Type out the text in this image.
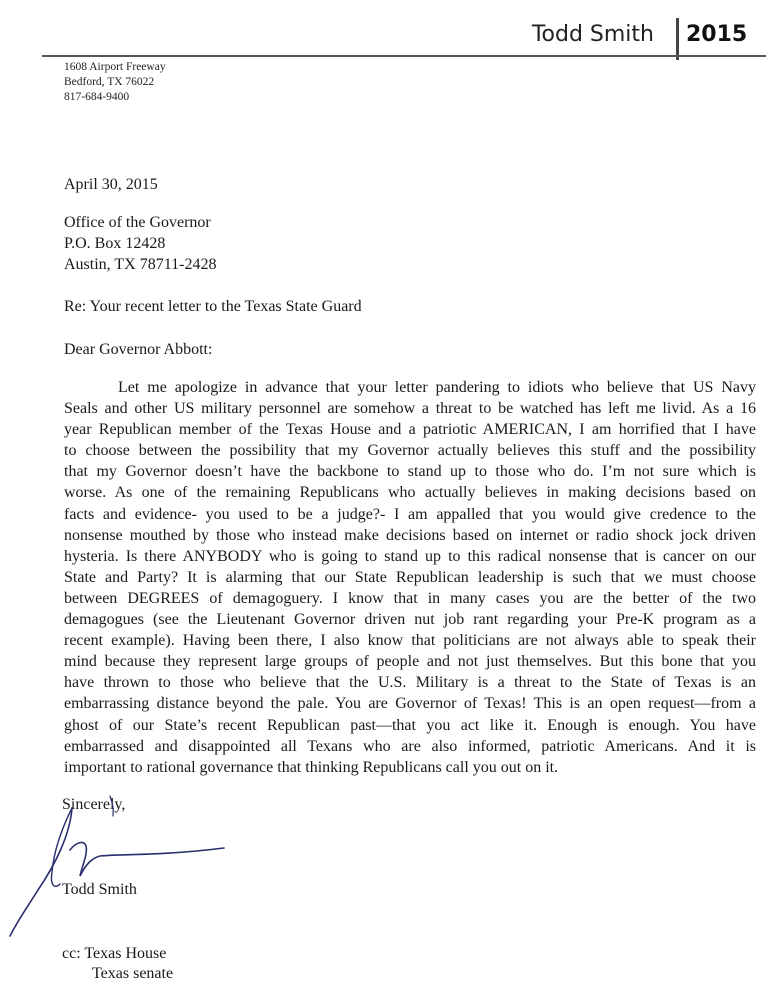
Todd Smith 2015
1608 Airport Freeway
Bedford, TX 76022
817-684-9400
April 30, 2015
Office of the Governor
P.O. Box 12428
Austin, TX 78711-2428
Re: Your recent letter to the Texas State Guard
Dear Governor Abbott:
Let me apologize in advance that your letter pandering to idiots who believe that US Navy
Seals and other US military personnel are somehow a threat to be watched has left me livid. As a 16
year Republican member of the Texas House and a patriotic AMERICAN, I am horrified that I have
to choose between the possibility that my Governor actually believes this stuff and the possibility
that my Governor doesn’t have the backbone to stand up to those who do. I’m not sure which is
worse. As one of the remaining Republicans who actually believes in making decisions based on
facts and evidence- you used to be a judge?- I am appalled that you would give credence to the
nonsense mouthed by those who instead make decisions based on internet or radio shock jock driven
hysteria. Is there ANYBODY who is going to stand up to this radical nonsense that is cancer on our
State and Party? It is alarming that our State Republican leadership is such that we must choose
between DEGREES of demagoguery. I know that in many cases you are the better of the two
demagogues (see the Lieutenant Governor driven nut job rant regarding your Pre-K program as a
recent example). Having been there, I also know that politicians are not always able to speak their
mind because they represent large groups of people and not just themselves. But this bone that you
have thrown to those who believe that the U.S. Military is a threat to the State of Texas is an
embarrassing distance beyond the pale. You are Governor of Texas! This is an open request—from a
ghost of our State’s recent Republican past—that you act like it. Enough is enough. You have
embarrassed and disappointed all Texans who are also informed, patriotic Americans. And it is
important to rational governance that thinking Republicans call you out on it.
Sincerely,
Todd Smith
cc: Texas House
Texas senate
